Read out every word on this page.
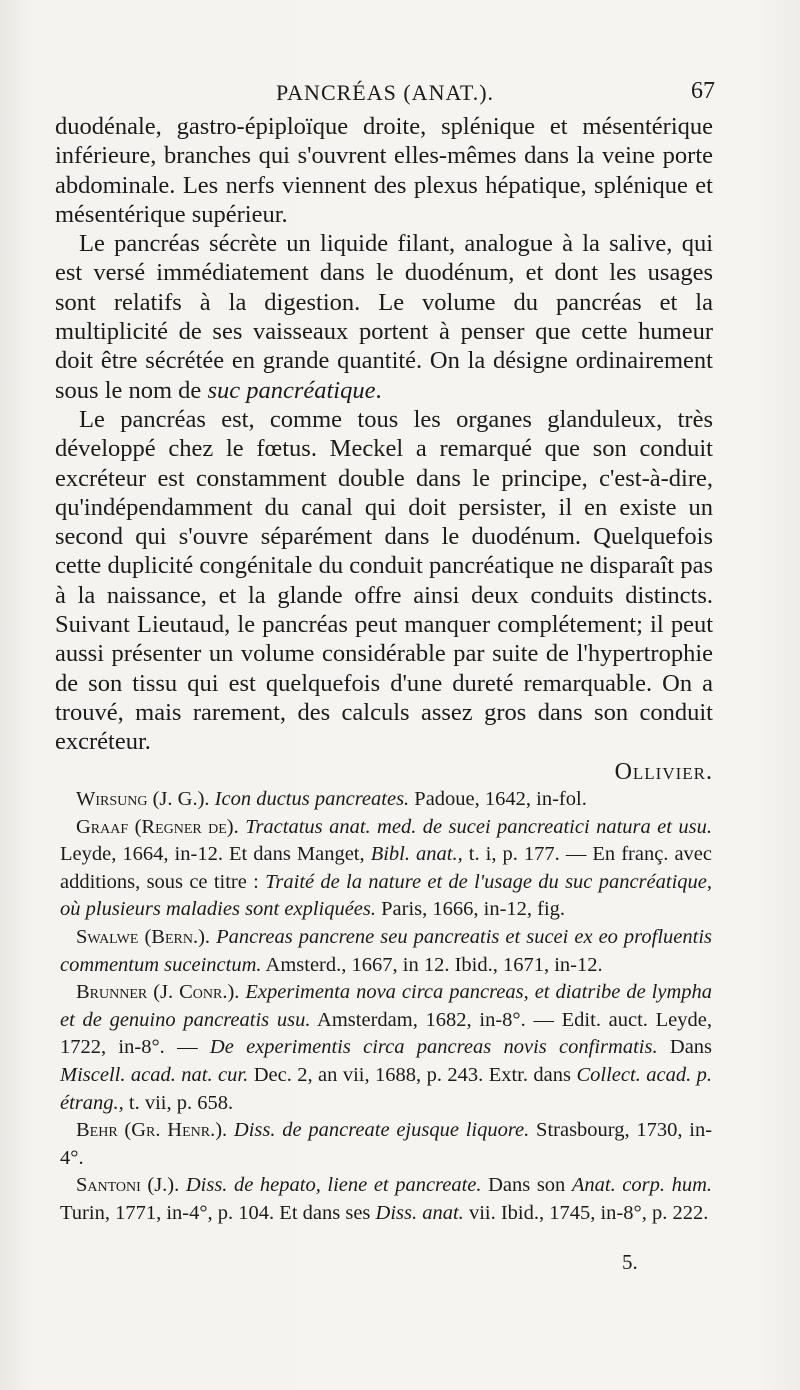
PANCRÉAS (ANAT.).	67

duodénale, gastro-épiploïque droite, splénique et mésentérique inférieure, branches qui s'ouvrent elles-mêmes dans la veine porte abdominale. Les nerfs viennent des plexus hépatique, splénique et mésentérique supérieur.

Le pancréas sécrète un liquide filant, analogue à la salive, qui est versé immédiatement dans le duodénum, et dont les usages sont relatifs à la digestion. Le volume du pancréas et la multiplicité de ses vaisseaux portent à penser que cette humeur doit être sécrétée en grande quantité. On la désigne ordinairement sous le nom de suc pancréatique.

Le pancréas est, comme tous les organes glanduleux, très développé chez le fœtus. Meckel a remarqué que son conduit excréteur est constamment double dans le principe, c'est-à-dire, qu'indépendamment du canal qui doit persister, il en existe un second qui s'ouvre séparément dans le duodénum. Quelquefois cette duplicité congénitale du conduit pancréatique ne disparaît pas à la naissance, et la glande offre ainsi deux conduits distincts. Suivant Lieutaud, le pancréas peut manquer complétement; il peut aussi présenter un volume considérable par suite de l'hypertrophie de son tissu qui est quelquefois d'une dureté remarquable. On a trouvé, mais rarement, des calculs assez gros dans son conduit excréteur.

Ollivier.

Wirsung (J. G.). Icon ductus pancreates. Padoue, 1642, in-fol.

Graaf (Regner de). Tractatus anat. med. de sucei pancreatici natura et usu. Leyde, 1664, in-12. Et dans Manget, Bibl. anat., t. i, p. 177. — En franç. avec additions, sous ce titre : Traité de la nature et de l'usage du suc pancréatique, où plusieurs maladies sont expliquées. Paris, 1666, in-12, fig.

Swalwe (Bern.). Pancreas pancrene seu pancreatis et sucei ex eo profluentis commentum suceinctum. Amsterd., 1667, in 12. Ibid., 1671, in-12.

Brunner (J. Conr.). Experimenta nova circa pancreas, et diatribe de lympha et de genuino pancreatis usu. Amsterdam, 1682, in-8°. — Edit. auct. Leyde, 1722, in-8°. — De experimentis circa pancreas novis confirmatis. Dans Miscell. acad. nat. cur. Dec. 2, an vii, 1688, p. 243. Extr. dans Collect. acad. p. étrang., t. vii, p. 658.

Behr (Gr. Henr.). Diss. de pancreate ejusque liquore. Strasbourg, 1730, in-4°.

Santoni (J.). Diss. de hepato, liene et pancreate. Dans son Anat. corp. hum. Turin, 1771, in-4°, p. 104. Et dans ses Diss. anat. vii. Ibid., 1745, in-8°, p. 222.

5.
